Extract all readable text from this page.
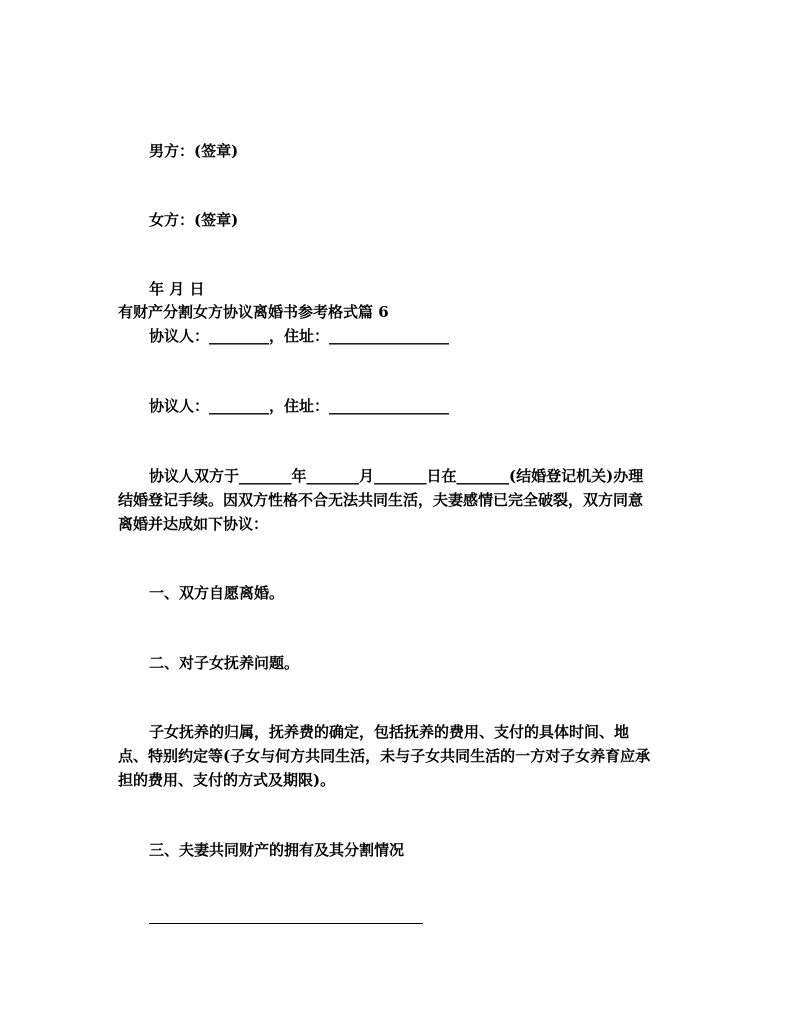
男方：(签章)
女方：(签章)
年 月 日
有财产分割女方协议离婚书参考格式篇 6
协议人：________，住址：________________
协议人：________，住址：________________
协议人双方于_______年_______月_______日在_______(结婚登记机关)办理
结婚登记手续。因双方性格不合无法共同生活，夫妻感情已完全破裂，双方同意
离婚并达成如下协议：
一、双方自愿离婚。
二、对子女抚养问题。
子女抚养的归属，抚养费的确定，包括抚养的费用、支付的具体时间、地
点、特别约定等(子女与何方共同生活，未与子女共同生活的一方对子女养育应承
担的费用、支付的方式及期限)。
三、夫妻共同财产的拥有及其分割情况
